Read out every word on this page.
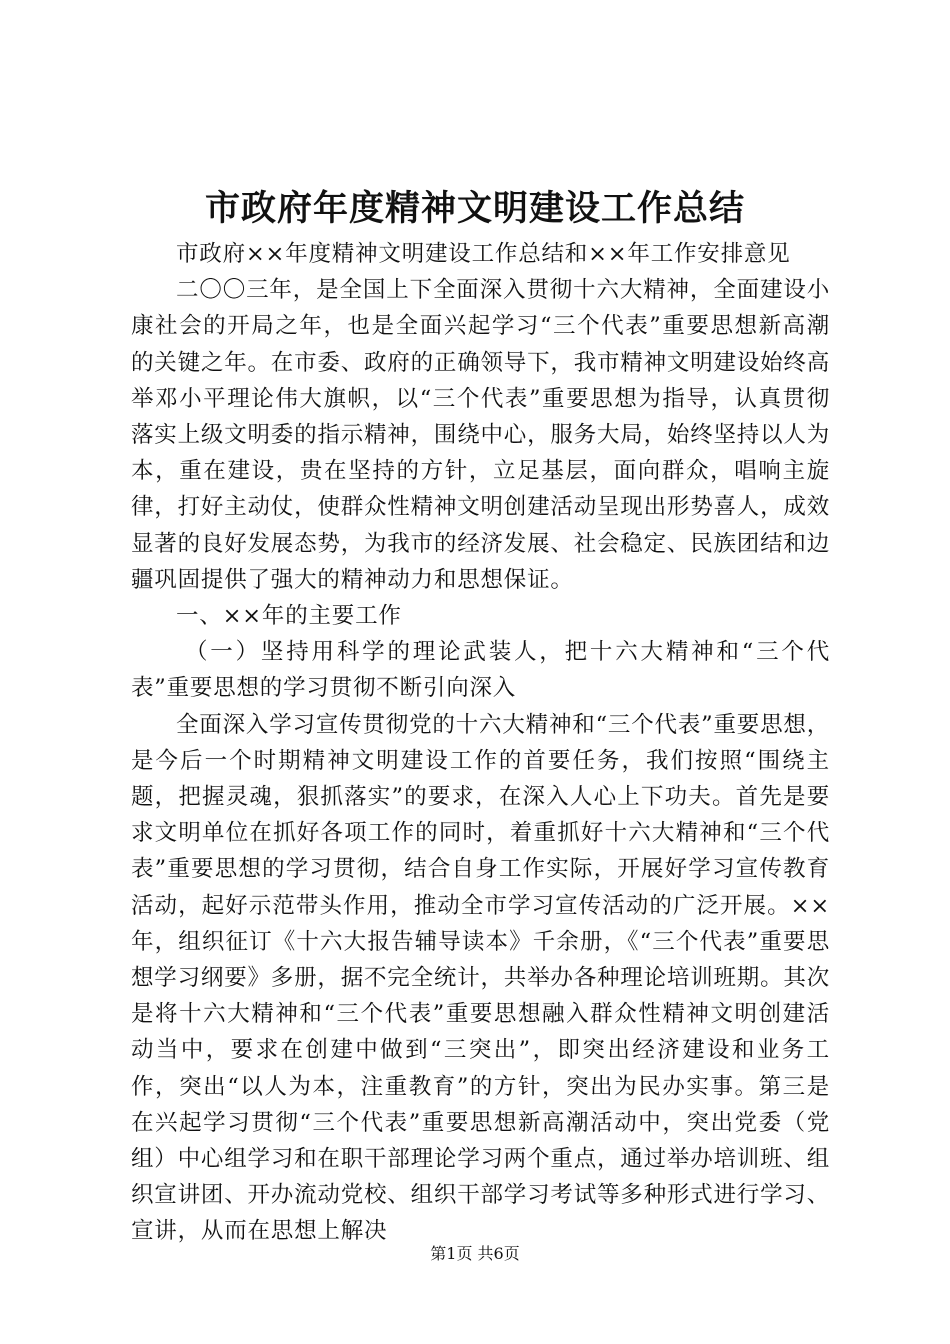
市政府年度精神文明建设工作总结

市政府××年度精神文明建设工作总结和××年工作安排意见

二〇〇三年，是全国上下全面深入贯彻十六大精神，全面建设小康社会的开局之年，也是全面兴起学习“三个代表”重要思想新高潮的关键之年。在市委、政府的正确领导下，我市精神文明建设始终高举邓小平理论伟大旗帜，以“三个代表”重要思想为指导，认真贯彻落实上级文明委的指示精神，围绕中心，服务大局，始终坚持以人为本，重在建设，贵在坚持的方针，立足基层，面向群众，唱响主旋律，打好主动仗，使群众性精神文明创建活动呈现出形势喜人，成效显著的良好发展态势，为我市的经济发展、社会稳定、民族团结和边疆巩固提供了强大的精神动力和思想保证。

一、××年的主要工作

（一）坚持用科学的理论武装人，把十六大精神和“三个代表”重要思想的学习贯彻不断引向深入

全面深入学习宣传贯彻党的十六大精神和“三个代表”重要思想，是今后一个时期精神文明建设工作的首要任务，我们按照“围绕主题，把握灵魂，狠抓落实”的要求，在深入人心上下功夫。首先是要求文明单位在抓好各项工作的同时，着重抓好十六大精神和“三个代表”重要思想的学习贯彻，结合自身工作实际，开展好学习宣传教育活动，起好示范带头作用，推动全市学习宣传活动的广泛开展。××年，组织征订《十六大报告辅导读本》千余册，《“三个代表”重要思想学习纲要》多册，据不完全统计，共举办各种理论培训班期。其次是将十六大精神和“三个代表”重要思想融入群众性精神文明创建活动当中，要求在创建中做到“三突出”，即突出经济建设和业务工作，突出“以人为本，注重教育”的方针，突出为民办实事。第三是在兴起学习贯彻“三个代表”重要思想新高潮活动中，突出党委（党组）中心组学习和在职干部理论学习两个重点，通过举办培训班、组织宣讲团、开办流动党校、组织干部学习考试等多种形式进行学习、宣讲，从而在思想上解决

第1页 共6页
